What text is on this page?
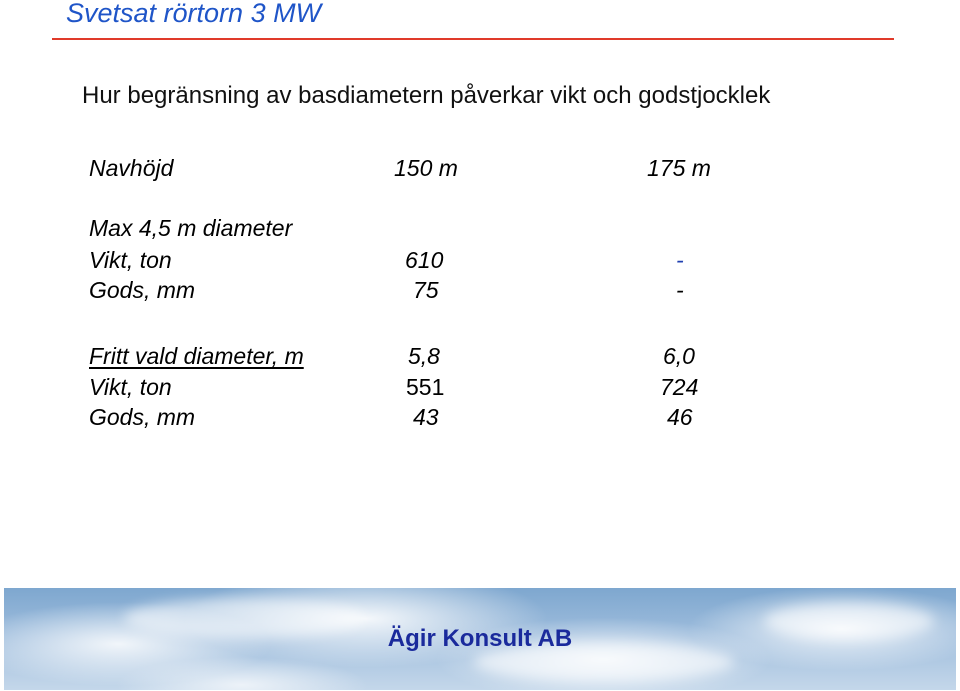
Svetsat rörtorn 3 MW
Hur begränsning av basdiametern påverkar vikt och godstjocklek
Navhöjd	150 m	175 m
Max 4,5 m diameter
Vikt, ton	610	-
Gods, mm	75	-
Fritt vald diameter, m	5,8	6,0
Vikt, ton	551	724
Gods, mm	43	46
Ägir Konsult AB
